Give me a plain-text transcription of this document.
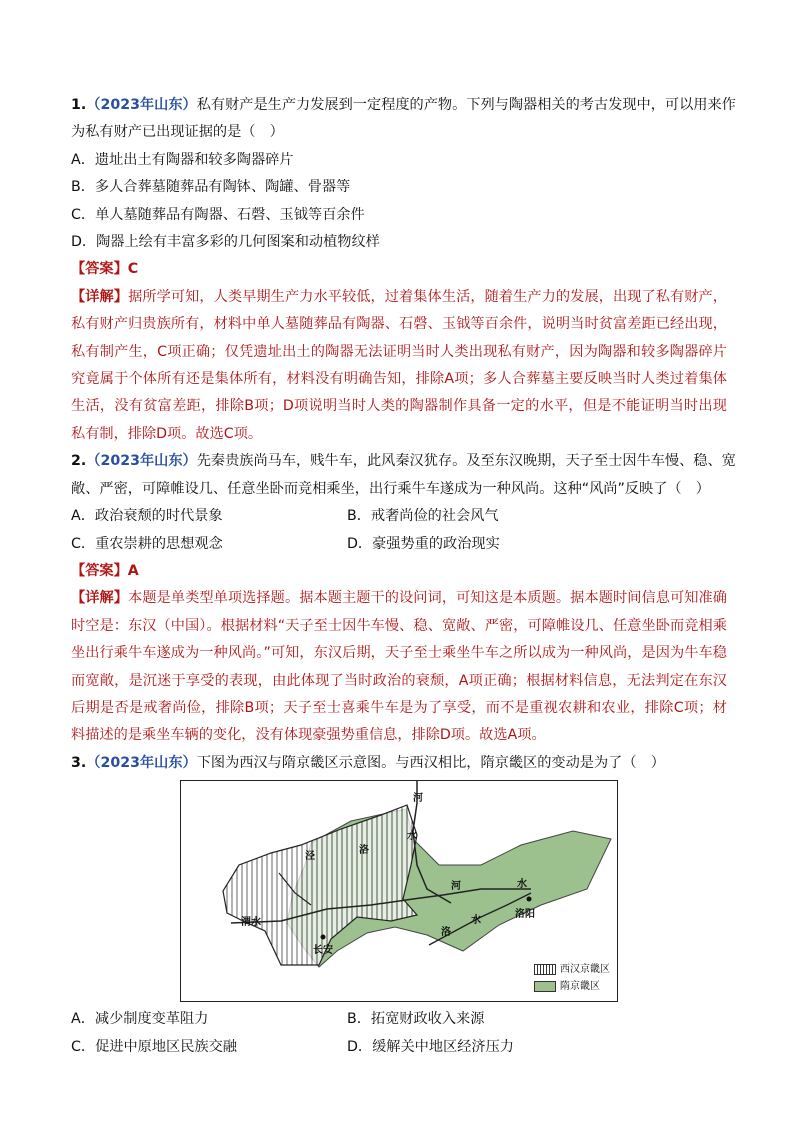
1.（2023年山东）私有财产是生产力发展到一定程度的产物。下列与陶器相关的考古发现中，可以用来作
为私有财产已出现证据的是（　）
A．遗址出土有陶器和较多陶器碎片
B．多人合葬墓随葬品有陶钵、陶罐、骨器等
C．单人墓随葬品有陶器、石磬、玉钺等百余件
D．陶器上绘有丰富多彩的几何图案和动植物纹样
【答案】C
【详解】据所学可知，人类早期生产力水平较低，过着集体生活，随着生产力的发展，出现了私有财产，私有财产归贵族所有，材料中单人墓随葬品有陶器、石磬、玉钺等百余件，说明当时贫富差距已经出现，私有制产生，C项正确；仅凭遗址出土的陶器无法证明当时人类出现私有财产，因为陶器和较多陶器碎片究竟属于个体所有还是集体所有，材料没有明确告知，排除A项；多人合葬墓主要反映当时人类过着集体生活，没有贫富差距，排除B项；D项说明当时人类的陶器制作具备一定的水平，但是不能证明当时出现私有制，排除D项。故选C项。
2.（2023年山东）先秦贵族尚马车，贱牛车，此风秦汉犹存。及至东汉晚期，天子至士因牛车慢、稳、宽
敞、严密，可障帷设几、任意坐卧而竞相乘坐，出行乘牛车遂成为一种风尚。这种“风尚”反映了（　）
A．政治衰颓的时代景象	B．戒奢尚俭的社会风气
C．重农崇耕的思想观念	D．豪强势重的政治现实
【答案】A
【详解】本题是单类型单项选择题。据本题主题干的设问词，可知这是本质题。据本题时间信息可知准确时空是：东汉（中国）。根据材料“天子至士因牛车慢、稳、宽敞、严密，可障帷设几、任意坐卧而竞相乘坐出行乘牛车遂成为一种风尚。”可知，东汉后期，天子至士乘坐牛车之所以成为一种风尚，是因为牛车稳而宽敞，是沉迷于享受的表现，由此体现了当时政治的衰颓，A项正确；根据材料信息，无法判定在东汉后期是否是戒奢尚俭，排除B项；天子至士喜乘牛车是为了享受，而不是重视农耕和农业，排除C项；材料描述的是乘坐车辆的变化，没有体现豪强势重信息，排除D项。故选A项。
3.（2023年山东）下图为西汉与隋京畿区示意图。与西汉相比，隋京畿区的变动是为了（　）
河
泾
渭水
洛
长安
河	水
洛阳
洛
水
水
西汉京畿区
隋京畿区
A．减少制度变革阻力	B．拓宽财政收入来源
C．促进中原地区民族交融	D．缓解关中地区经济压力
